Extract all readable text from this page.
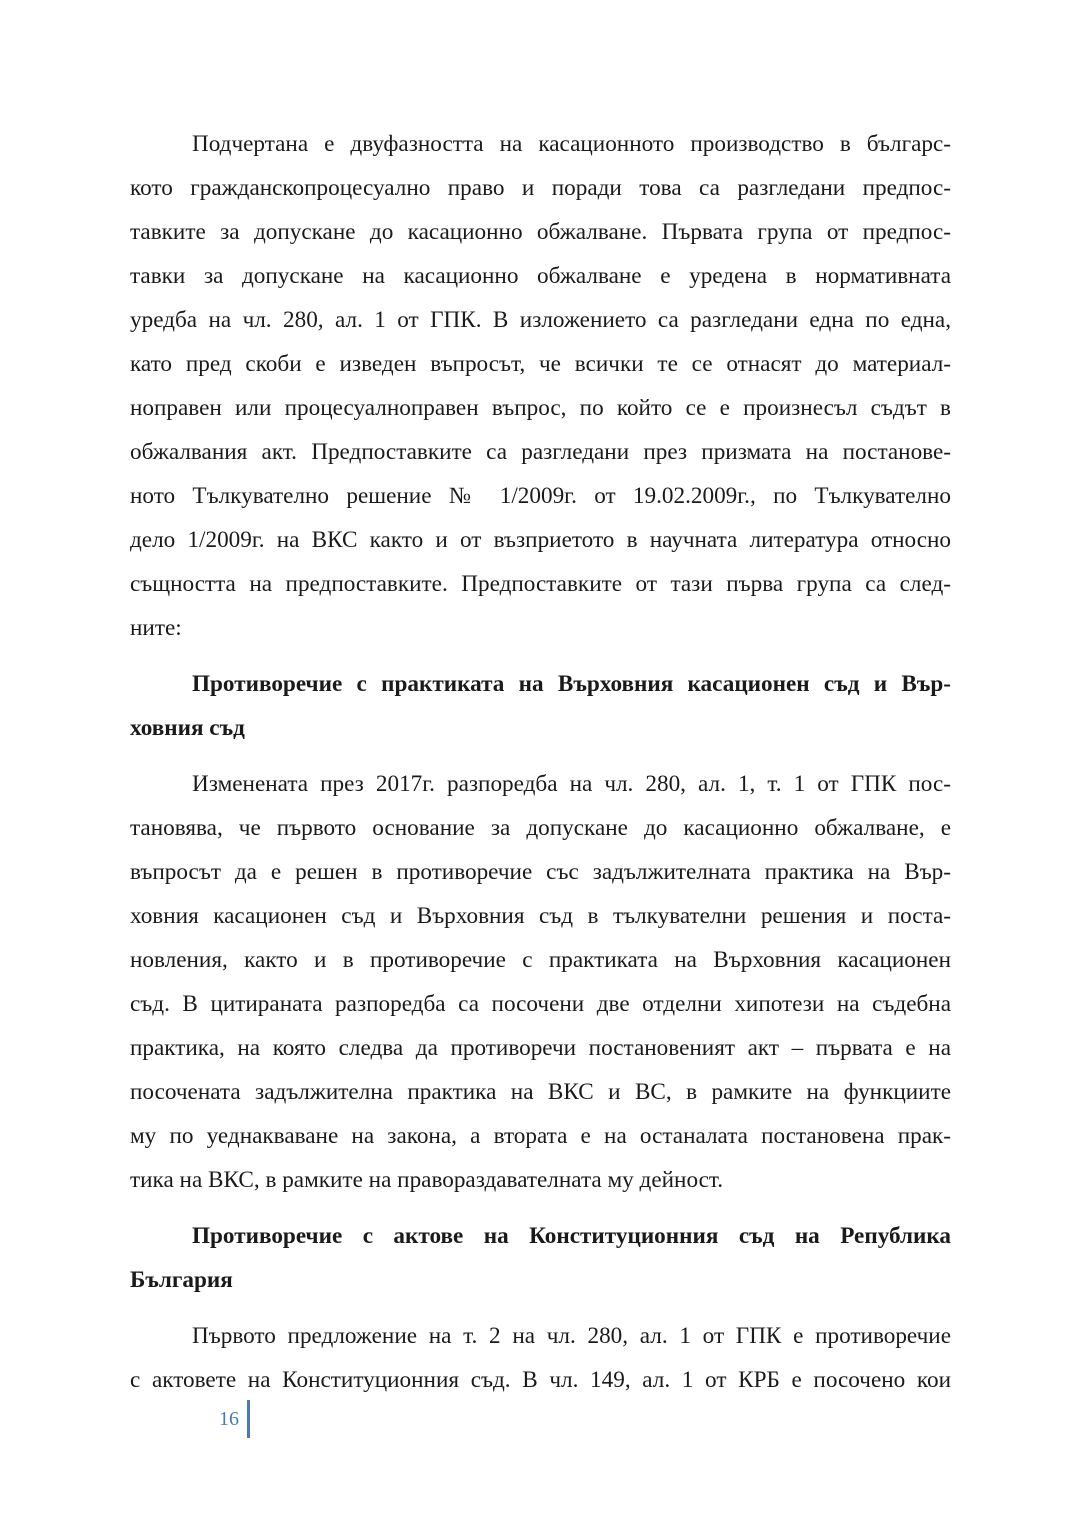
Подчертана е двуфазността на касационното производство в българс-
кото гражданскопроцесуално право и поради това са разгледани предпос-
тавките за допускане до касационно обжалване. Първата група от предпос-
тавки за допускане на касационно обжалване е уредена в нормативната
уредба на чл. 280, ал. 1 от ГПК. В изложението са разгледани една по една,
като пред скоби е изведен въпросът, че всички те се отнасят до материал-
ноправен или процесуалноправен въпрос, по който се е произнесъл съдът в
обжалвания акт. Предпоставките са разгледани през призмата на постанове-
ното Тълкувателно решение № 1/2009г. от 19.02.2009г., по Тълкувателно
дело 1/2009г. на ВКС както и от възприетото в научната литература относно
същността на предпоставките. Предпоставките от тази първа група са след-
ните:

Противоречие с практиката на Върховния касационен съд и Вър-
ховния съд

Изменената през 2017г. разпоредба на чл. 280, ал. 1, т. 1 от ГПК пос-
тановява, че първото основание за допускане до касационно обжалване, е
въпросът да е решен в противоречие със задължителната практика на Вър-
ховния касационен съд и Върховния съд в тълкувателни решения и поста-
новления, както и в противоречие с практиката на Върховния касационен
съд. В цитираната разпоредба са посочени две отделни хипотези на съдебна
практика, на която следва да противоречи постановеният акт – първата е на
посочената задължителна практика на ВКС и ВС, в рамките на функциите
му по уеднакваване на закона, а втората е на останалата постановена прак-
тика на ВКС, в рамките на правораздавателната му дейност.

Противоречие с актове на Конституционния съд на Република
България

Първото предложение на т. 2 на чл. 280, ал. 1 от ГПК е противоречие
с актовете на Конституционния съд. В чл. 149, ал. 1 от КРБ е посочено кои

16
